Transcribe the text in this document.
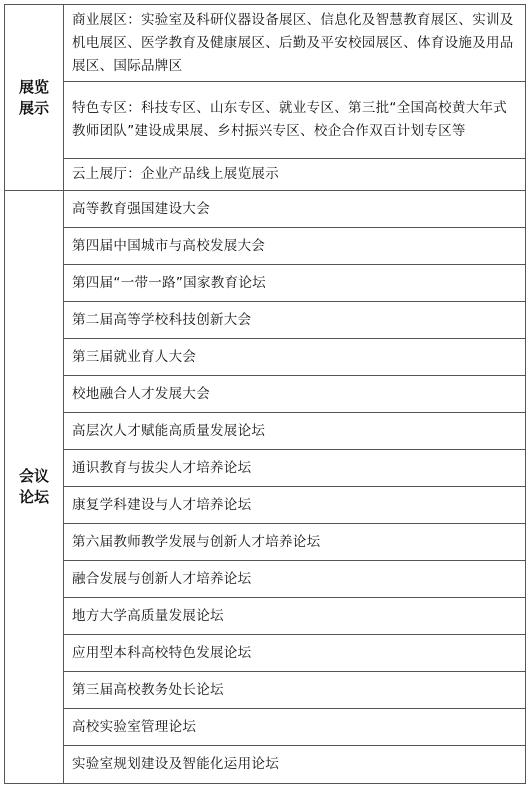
展览展示	商业展区：实验室及科研仪器设备展区、信息化及智慧教育展区、实训及机电展区、医学教育及健康展区、后勤及平安校园展区、体育设施及用品展区、国际品牌区
	特色专区：科技专区、山东专区、就业专区、第三批“全国高校黄大年式教师团队”建设成果展、乡村振兴专区、校企合作双百计划专区等
	云上展厅：企业产品线上展览展示

会议论坛	高等教育强国建设大会
	第四届中国城市与高校发展大会
	第四届“一带一路”国家教育论坛
	第二届高等学校科技创新大会
	第三届就业育人大会
	校地融合人才发展大会
	高层次人才赋能高质量发展论坛
	通识教育与拔尖人才培养论坛
	康复学科建设与人才培养论坛
	第六届教师教学发展与创新人才培养论坛
	融合发展与创新人才培养论坛
	地方大学高质量发展论坛
	应用型本科高校特色发展论坛
	第三届高校教务处长论坛
	高校实验室管理论坛
	实验室规划建设及智能化运用论坛
